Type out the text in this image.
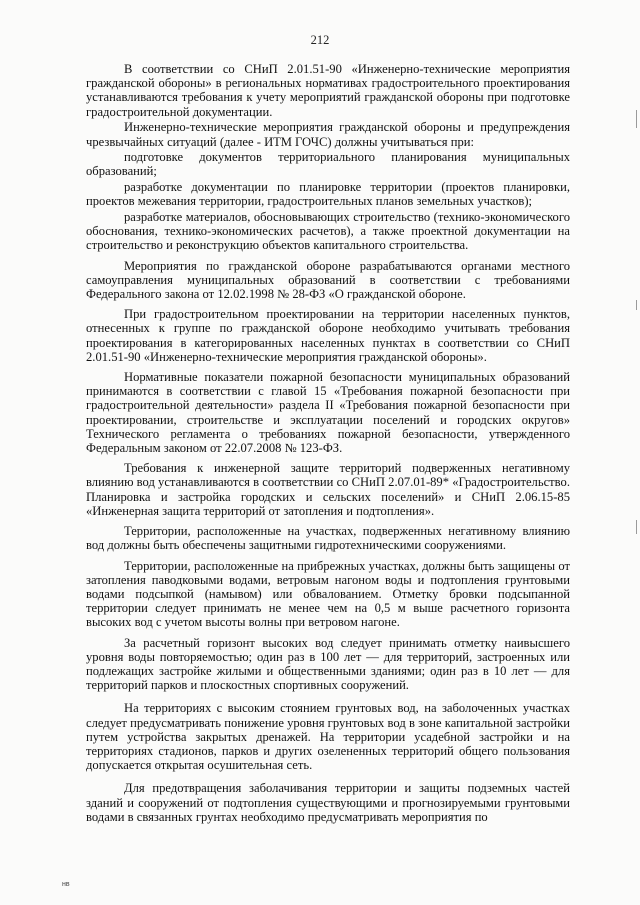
212

В соответствии со СНиП 2.01.51-90 «Инженерно-технические мероприятия гражданской обороны» в региональных нормативах градостроительного проектирования устанавливаются требования к учету мероприятий гражданской обороны при подготовке градостроительной документации.

Инженерно-технические мероприятия гражданской обороны и предупреждения чрезвычайных ситуаций (далее - ИТМ ГОЧС) должны учитываться при:

подготовке документов территориального планирования муниципальных образований;

разработке документации по планировке территории (проектов планировки, проектов межевания территории, градостроительных планов земельных участков);

разработке материалов, обосновывающих строительство (технико-экономического обоснования, технико-экономических расчетов), а также проектной документации на строительство и реконструкцию объектов капитального строительства.

Мероприятия по гражданской обороне разрабатываются органами местного самоуправления муниципальных образований в соответствии с требованиями Федерального закона от 12.02.1998 № 28-ФЗ «О гражданской обороне.

При градостроительном проектировании на территории населенных пунктов, отнесенных к группе по гражданской обороне необходимо учитывать требования проектирования в категорированных населенных пунктах в соответствии со СНиП 2.01.51-90 «Инженерно-технические мероприятия гражданской обороны».

Нормативные показатели пожарной безопасности муниципальных образований принимаются в соответствии с главой 15 «Требования пожарной безопасности при градостроительной деятельности» раздела II «Требования пожарной безопасности при проектировании, строительстве и эксплуатации поселений и городских округов» Технического регламента о требованиях пожарной безопасности, утвержденного Федеральным законом от 22.07.2008 № 123-ФЗ.

Требования к инженерной защите территорий подверженных негативному влиянию вод устанавливаются в соответствии со СНиП 2.07.01-89* «Градостроительство. Планировка и застройка городских и сельских поселений» и СНиП 2.06.15-85 «Инженерная защита территорий от затопления и подтопления».

Территории, расположенные на участках, подверженных негативному влиянию вод должны быть обеспечены защитными гидротехническими сооружениями.

Территории, расположенные на прибрежных участках, должны быть защищены от затопления паводковыми водами, ветровым нагоном воды и подтопления грунтовыми водами подсыпкой (намывом) или обвалованием. Отметку бровки подсыпанной территории следует принимать не менее чем на 0,5 м выше расчетного горизонта высоких вод с учетом высоты волны при ветровом нагоне.

За расчетный горизонт высоких вод следует принимать отметку наивысшего уровня воды повторяемостью; один раз в 100 лет — для территорий, застроенных или подлежащих застройке жилыми и общественными зданиями; один раз в 10 лет — для территорий парков и плоскостных спортивных сооружений.

На территориях с высоким стоянием грунтовых вод, на заболоченных участках следует предусматривать понижение уровня грунтовых вод в зоне капитальной застройки путем устройства закрытых дренажей. На территории усадебной застройки и на территориях стадионов, парков и других озелененных территорий общего пользования допускается открытая осушительная сеть.

Для предотвращения заболачивания территории и защиты подземных частей зданий и сооружений от подтопления существующими и прогнозируемыми грунтовыми водами в связанных грунтах необходимо предусматривать мероприятия по

нв
